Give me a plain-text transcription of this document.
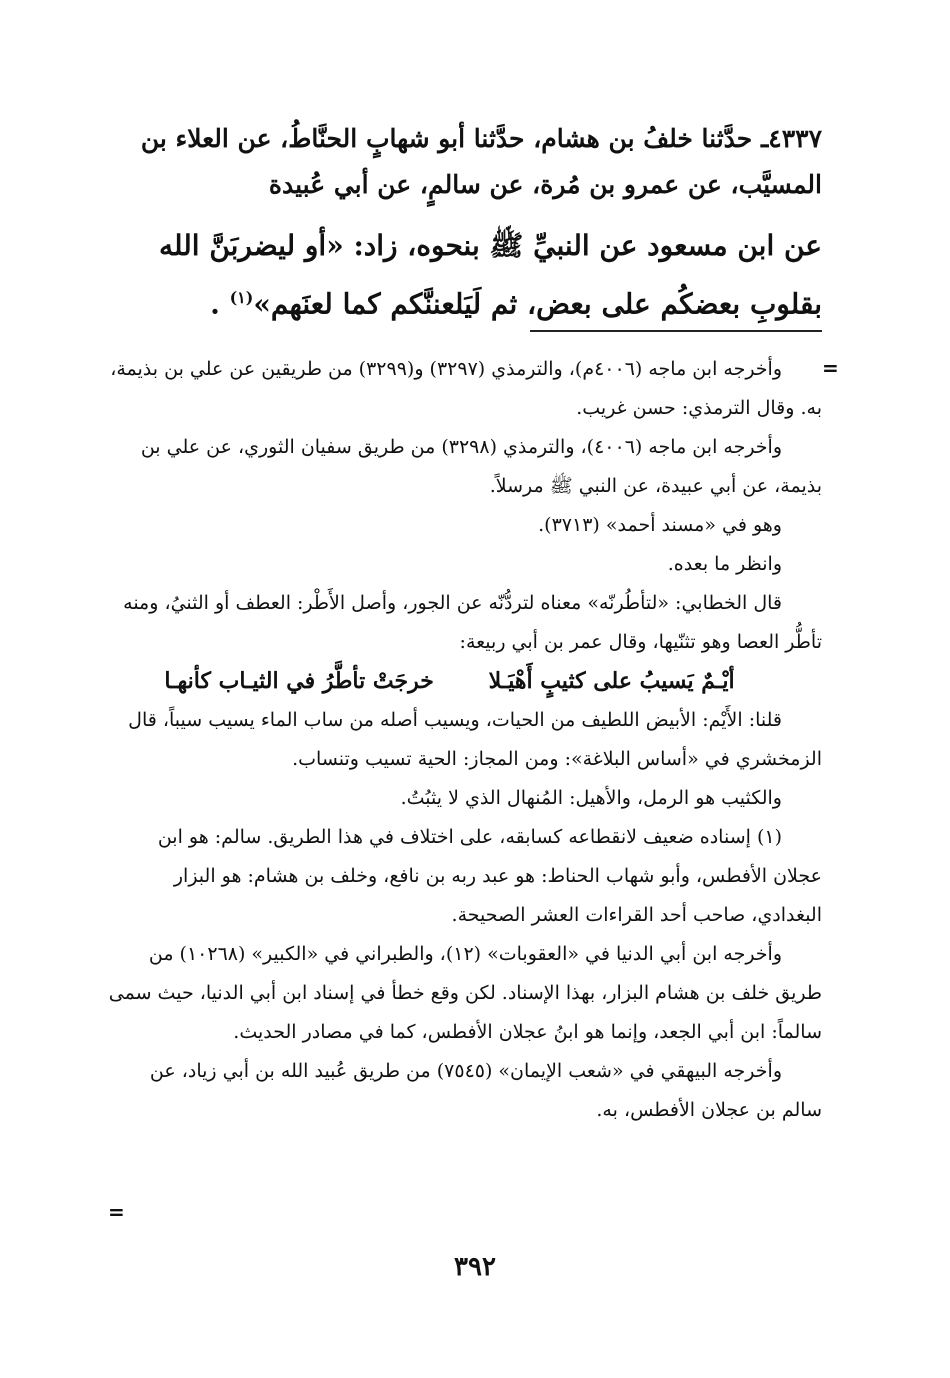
٤٣٣٧ـ حدَّثنا خلفُ بن هشام، حدَّثنا أبو شهابٍ الحنَّاطُ، عن العلاء بن المسيَّب، عن عمرو بن مُرة، عن سالمٍ، عن أبي عُبيدة

عن ابن مسعود عن النبيِّ ﷺ بنحوه، زاد: «أو ليضربَنَّ الله بقلوبِ بعضكُم على بعض، ثم لَيَلعننَّكم كما لعنَهم»$^{(١)}$ .

=

وأخرجه ابن ماجه (٤٠٠٦م)، والترمذي (٣٢٩٧) و(٣٢٩٩) من طريقين عن علي بن بذيمة، به. وقال الترمذي: حسن غريب.

وأخرجه ابن ماجه (٤٠٠٦)، والترمذي (٣٢٩٨) من طريق سفيان الثوري، عن علي بن بذيمة، عن أبي عبيدة، عن النبي ﷺ مرسلاً.

وهو في «مسند أحمد» (٣٧١٣).

وانظر ما بعده.

قال الخطابي: «لتأطُرنّه» معناه لتردُّنّه عن الجور، وأصل الأَطْر: العطف أو الثنيُ، ومنه تأطُّر العصا وهو تثنّيها، وقال عمر بن أبي ربيعة:

خرجَتْ تأطَّرُ في الثيـاب كأنهـا أيْـمٌ يَسيبُ على كثيبٍ أَهْيَـلا

قلنا: الأَيْم: الأبيض اللطيف من الحيات، ويسيب أصله من ساب الماء يسيب سيباً، قال الزمخشري في «أساس البلاغة»: ومن المجاز: الحية تسيب وتنساب.

والكثيب هو الرمل، والأهيل: المُنهال الذي لا يثبُتُ.

(١) إسناده ضعيف لانقطاعه كسابقه، على اختلاف في هذا الطريق. سالم: هو ابن عجلان الأفطس، وأبو شهاب الحناط: هو عبد ربه بن نافع، وخلف بن هشام: هو البزار البغدادي، صاحب أحد القراءات العشر الصحيحة.

وأخرجه ابن أبي الدنيا في «العقوبات» (١٢)، والطبراني في «الكبير» (١٠٢٦٨) من طريق خلف بن هشام البزار، بهذا الإسناد. لكن وقع خطأ في إسناد ابن أبي الدنيا، حيث سمى سالماً: ابن أبي الجعد، وإنما هو ابنُ عجلان الأفطس، كما في مصادر الحديث.

وأخرجه البيهقي في «شعب الإيمان» (٧٥٤٥) من طريق عُبيد الله بن أبي زياد، عن سالم بن عجلان الأفطس، به.

=
٣٩٢
